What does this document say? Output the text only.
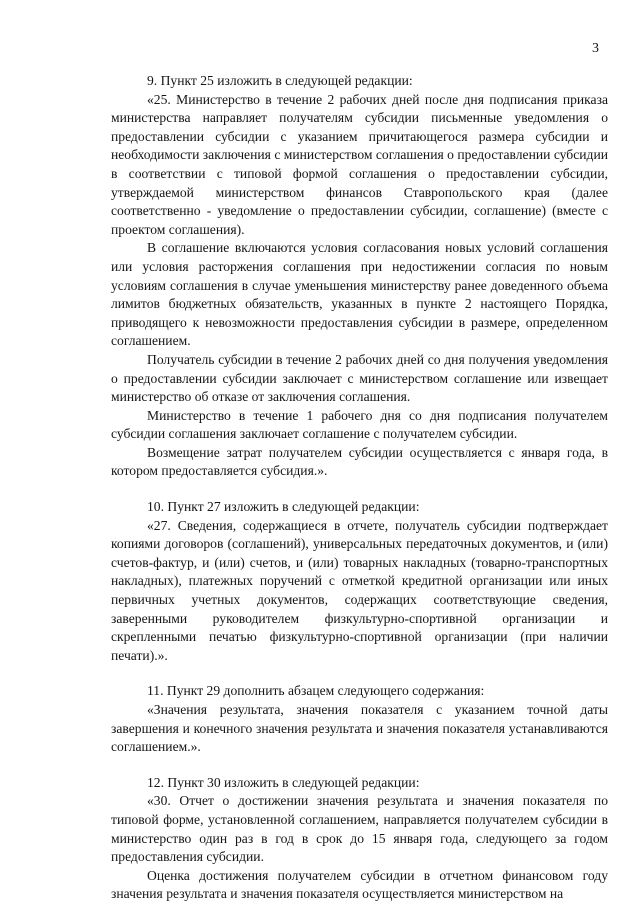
3

9. Пункт 25 изложить в следующей редакции:

«25. Министерство в течение 2 рабочих дней после дня подписания приказа министерства направляет получателям субсидии письменные уведомления о предоставлении субсидии с указанием причитающегося размера субсидии и необходимости заключения с министерством соглашения о предоставлении субсидии в соответствии с типовой формой соглашения о предоставлении субсидии, утверждаемой министерством финансов Ставропольского края (далее соответственно - уведомление о предоставлении субсидии, соглашение) (вместе с проектом соглашения).

В соглашение включаются условия согласования новых условий соглашения или условия расторжения соглашения при недостижении согласия по новым условиям соглашения в случае уменьшения министерству ранее доведенного объема лимитов бюджетных обязательств, указанных в пункте 2 настоящего Порядка, приводящего к невозможности предоставления субсидии в размере, определенном соглашением.

Получатель субсидии в течение 2 рабочих дней со дня получения уведомления о предоставлении субсидии заключает с министерством соглашение или извещает министерство об отказе от заключения соглашения.

Министерство в течение 1 рабочего дня со дня подписания получателем субсидии соглашения заключает соглашение с получателем субсидии.

Возмещение затрат получателем субсидии осуществляется с января года, в котором предоставляется субсидия.».

10. Пункт 27 изложить в следующей редакции:

«27. Сведения, содержащиеся в отчете, получатель субсидии подтверждает копиями договоров (соглашений), универсальных передаточных документов, и (или) счетов-фактур, и (или) счетов, и (или) товарных накладных (товарно-транспортных накладных), платежных поручений с отметкой кредитной организации или иных первичных учетных документов, содержащих соответствующие сведения, заверенными руководителем физкультурно-спортивной организации и скрепленными печатью физкультурно-спортивной организации (при наличии печати).».

11. Пункт 29 дополнить абзацем следующего содержания:

«Значения результата, значения показателя с указанием точной даты завершения и конечного значения результата и значения показателя устанавливаются соглашением.».

12. Пункт 30 изложить в следующей редакции:

«30. Отчет о достижении значения результата и значения показателя по типовой форме, установленной соглашением, направляется получателем субсидии в министерство один раз в год в срок до 15 января года, следующего за годом предоставления субсидии.

Оценка достижения получателем субсидии в отчетном финансовом году значения результата и значения показателя осуществляется министерством на
